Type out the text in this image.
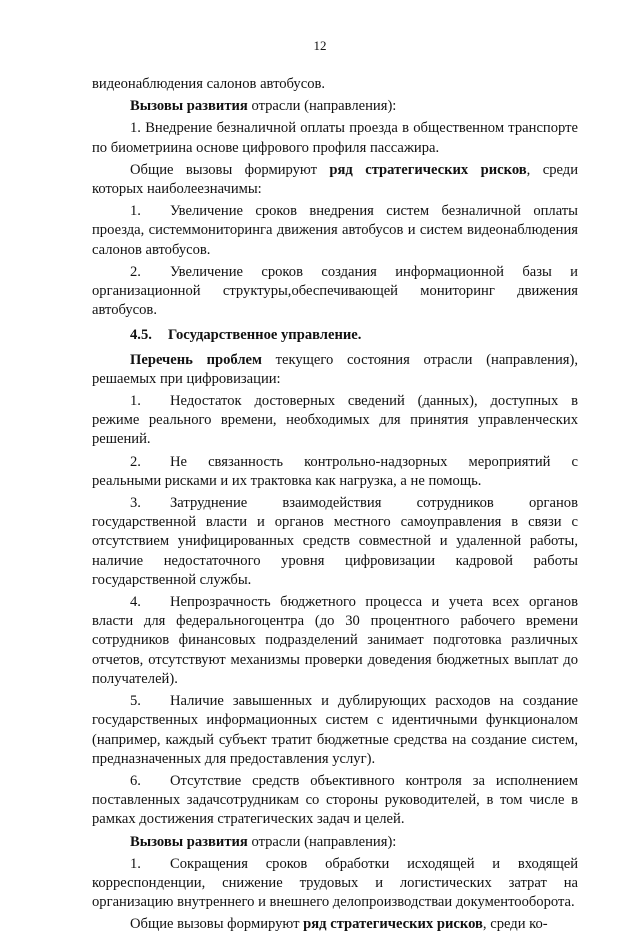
12

видеонаблюдения салонов автобусов.

Вызовы развития отрасли (направления):

1. Внедрение безналичной оплаты проезда в общественном транспорте по биометриина основе цифрового профиля пассажира.

Общие вызовы формируют ряд стратегических рисков, среди которых наиболеезначимы:

1. Увеличение сроков внедрения систем безналичной оплаты проезда, системмониторинга движения автобусов и систем видеонаблюдения салонов автобусов.

2. Увеличение сроков создания информационной базы и организационной структуры,обеспечивающей мониторинг движения автобусов.

4.5. Государственное управление.

Перечень проблем текущего состояния отрасли (направления), решаемых при цифровизации:

1. Недостаток достоверных сведений (данных), доступных в режиме реального времени, необходимых для принятия управленческих решений.

2. Не связанность контрольно-надзорных мероприятий с реальными рисками и их трактовка как нагрузка, а не помощь.

3. Затруднение взаимодействия сотрудников органов государственной власти и органов местного самоуправления в связи с отсутствием унифицированных средств совместной и удаленной работы, наличие недостаточного уровня цифровизации кадровой работы государственной службы.

4. Непрозрачность бюджетного процесса и учета всех органов власти для федеральногоцентра (до 30 процентного рабочего времени сотрудников финансовых подразделений занимает подготовка различных отчетов, отсутствуют механизмы проверки доведения бюджетных выплат до получателей).

5. Наличие завышенных и дублирующих расходов на создание государственных информационных систем с идентичными функционалом (например, каждый субъект тратит бюджетные средства на создание систем, предназначенных для предоставления услуг).

6. Отсутствие средств объективного контроля за исполнением поставленных задачсотрудникам со стороны руководителей, в том числе в рамках достижения стратегических задач и целей.

Вызовы развития отрасли (направления):

1. Сокращения сроков обработки исходящей и входящей корреспонденции, снижение трудовых и логистических затрат на организацию внутреннего и внешнего делопроизводстваи документооборота.

Общие вызовы формируют ряд стратегических рисков, среди ко-
